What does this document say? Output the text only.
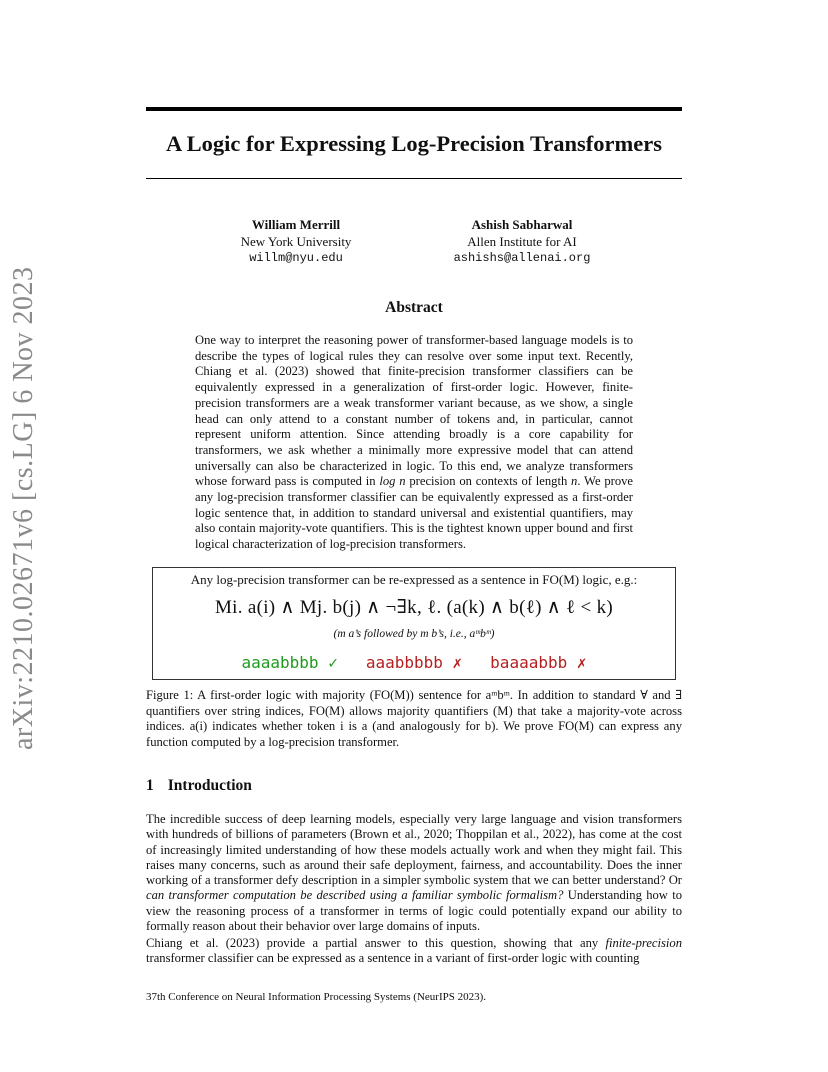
arXiv:2210.02671v6 [cs.LG] 6 Nov 2023
A Logic for Expressing Log-Precision Transformers
William Merrill
New York University
willm@nyu.edu
Ashish Sabharwal
Allen Institute for AI
ashishs@allenai.org
Abstract
One way to interpret the reasoning power of transformer-based language models is to describe the types of logical rules they can resolve over some input text. Recently, Chiang et al. (2023) showed that finite-precision transformer classifiers can be equivalently expressed in a generalization of first-order logic. However, finite-precision transformers are a weak transformer variant because, as we show, a single head can only attend to a constant number of tokens and, in particular, cannot represent uniform attention. Since attending broadly is a core capability for transformers, we ask whether a minimally more expressive model that can attend universally can also be characterized in logic. To this end, we analyze transformers whose forward pass is computed in log n precision on contexts of length n. We prove any log-precision transformer classifier can be equivalently expressed as a first-order logic sentence that, in addition to standard universal and existential quantifiers, may also contain majority-vote quantifiers. This is the tightest known upper bound and first logical characterization of log-precision transformers.
Any log-precision transformer can be re-expressed as a sentence in FO(M) logic, e.g.:
Mi. a(i) ∧ Mj. b(j) ∧ ¬∃k, ℓ. (a(k) ∧ b(ℓ) ∧ ℓ < k)
(m a’s followed by m b’s, i.e., aᵐbᵐ)
aaaabbbb ✓ aaabbbbb ✗ baaaabbb ✗
Figure 1: A first-order logic with majority (FO(M)) sentence for aᵐbᵐ. In addition to standard ∀ and ∃ quantifiers over string indices, FO(M) allows majority quantifiers (M) that take a majority-vote across indices. a(i) indicates whether token i is a (and analogously for b). We prove FO(M) can express any function computed by a log-precision transformer.
1 Introduction
The incredible success of deep learning models, especially very large language and vision transformers with hundreds of billions of parameters (Brown et al., 2020; Thoppilan et al., 2022), has come at the cost of increasingly limited understanding of how these models actually work and when they might fail. This raises many concerns, such as around their safe deployment, fairness, and accountability. Does the inner working of a transformer defy description in a simpler symbolic system that we can better understand? Or can transformer computation be described using a familiar symbolic formalism? Understanding how to view the reasoning process of a transformer in terms of logic could potentially expand our ability to formally reason about their behavior over large domains of inputs.
Chiang et al. (2023) provide a partial answer to this question, showing that any finite-precision transformer classifier can be expressed as a sentence in a variant of first-order logic with counting
37th Conference on Neural Information Processing Systems (NeurIPS 2023).
